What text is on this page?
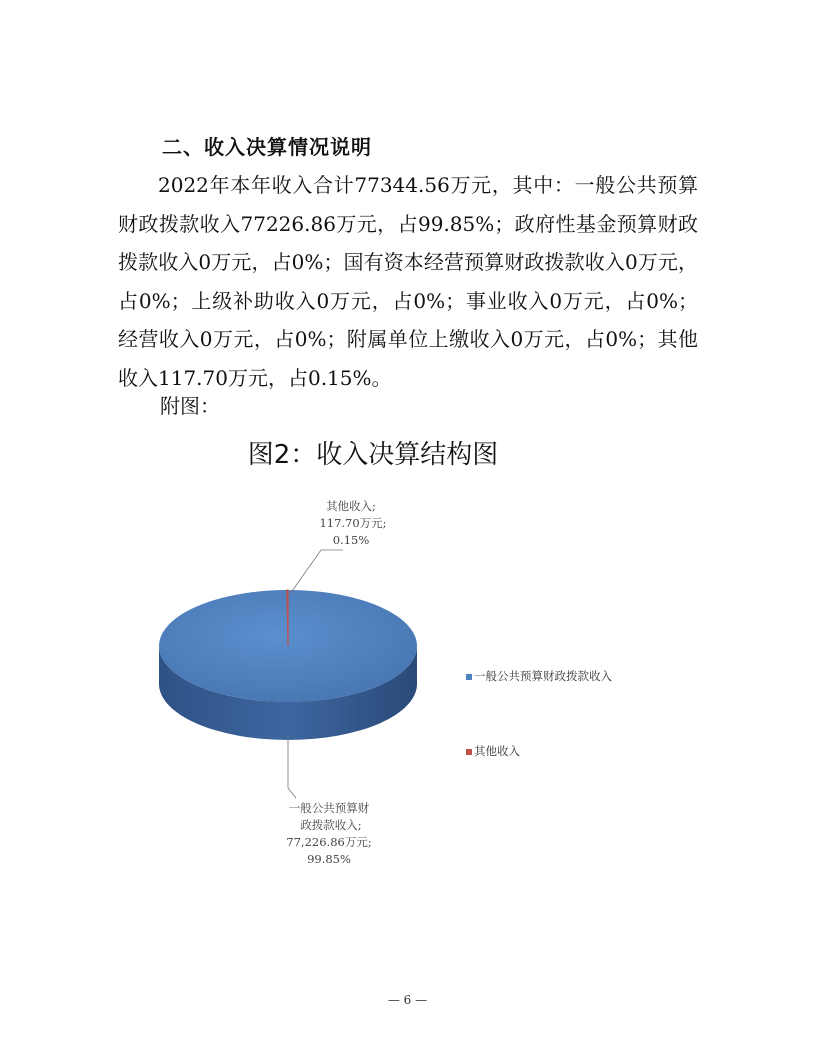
二、收入决算情况说明

2022年本年收入合计77344.56万元，其中：一般公共预算财政拨款收入77226.86万元，占99.85%；政府性基金预算财政拨款收入0万元，占0%；国有资本经营预算财政拨款收入0万元，占0%；上级补助收入0万元，占0%；事业收入0万元，占0%；经营收入0万元，占0%；附属单位上缴收入0万元，占0%；其他收入117.70万元，占0.15%。

附图：
图2：收入决算结构图
一般公共预算财政拨款收入
其他收入
其他收入;
117.70万元;
0.15%
一般公共预算财
政拨款收入;
77,226.86万元;
99.85%
— 6 —
